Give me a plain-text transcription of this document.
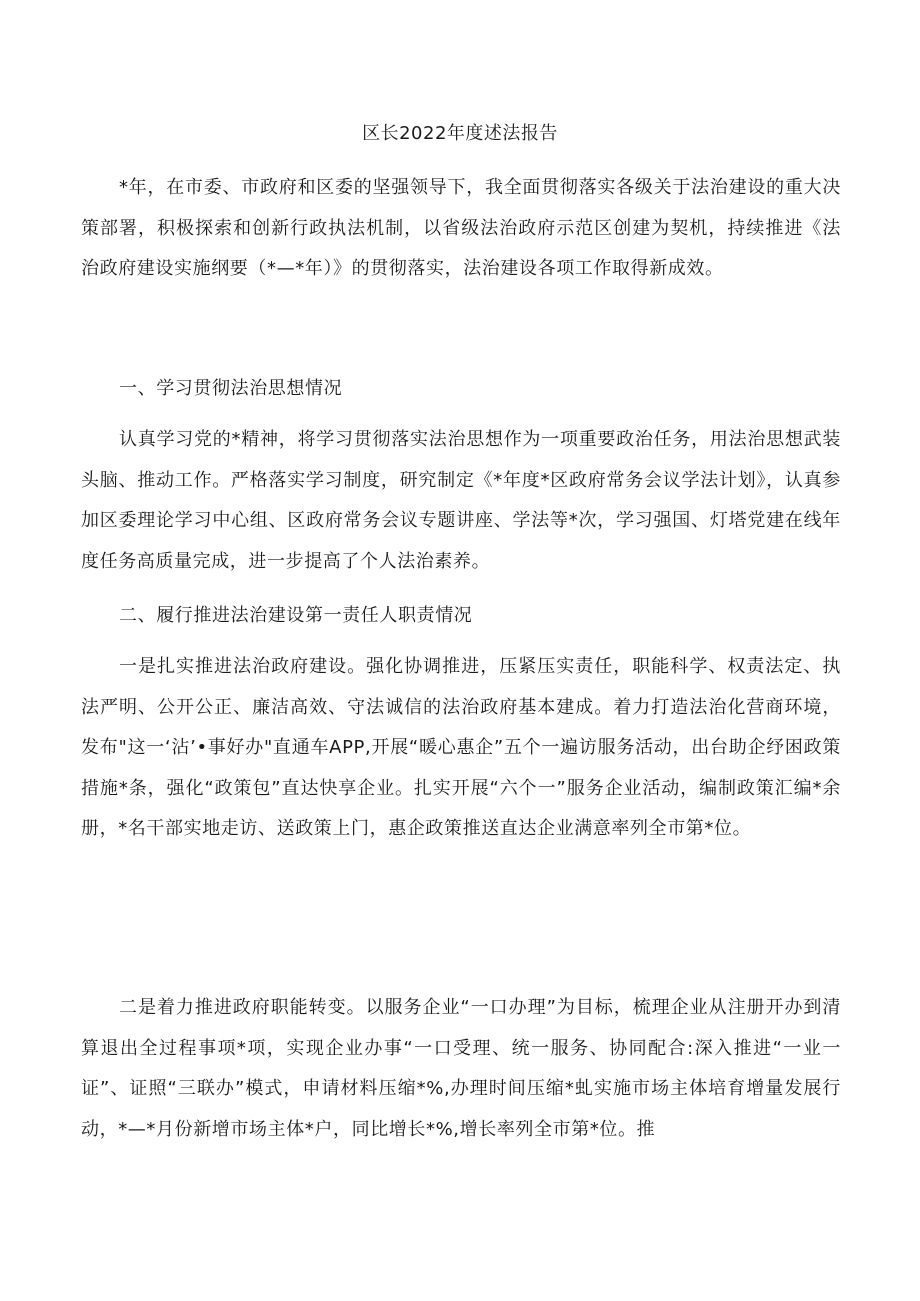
区长2022年度述法报告

*年，在市委、市政府和区委的坚强领导下，我全面贯彻落实各级关于法治建设的重大决策部署，积极探索和创新行政执法机制，以省级法治政府示范区创建为契机，持续推进《法治政府建设实施纲要（*—*年）》的贯彻落实，法治建设各项工作取得新成效。

一、学习贯彻法治思想情况

认真学习党的*精神，将学习贯彻落实法治思想作为一项重要政治任务，用法治思想武装头脑、推动工作。严格落实学习制度，研究制定《*年度*区政府常务会议学法计划》，认真参加区委理论学习中心组、区政府常务会议专题讲座、学法等*次，学习强国、灯塔党建在线年度任务高质量完成，进一步提高了个人法治素养。

二、履行推进法治建设第一责任人职责情况

一是扎实推进法治政府建设。强化协调推进，压紧压实责任，职能科学、权责法定、执法严明、公开公正、廉洁高效、守法诚信的法治政府基本建成。着力打造法治化营商环境，发布"这一‘沾’•事好办"直通车APP,开展“暖心惠企”五个一遍访服务活动，出台助企纾困政策措施*条，强化“政策包”直达快享企业。扎实开展“六个一”服务企业活动，编制政策汇编*余册，*名干部实地走访、送政策上门，惠企政策推送直达企业满意率列全市第*位。

二是着力推进政府职能转变。以服务企业“一口办理”为目标，梳理企业从注册开办到清算退出全过程事项*项，实现企业办事“一口受理、统一服务、协同配合:深入推进“一业一证”、证照“三联办”模式，申请材料压缩*%,办理时间压缩*虬实施市场主体培育增量发展行动，*—*月份新增市场主体*户，同比增长*%,增长率列全市第*位。推
